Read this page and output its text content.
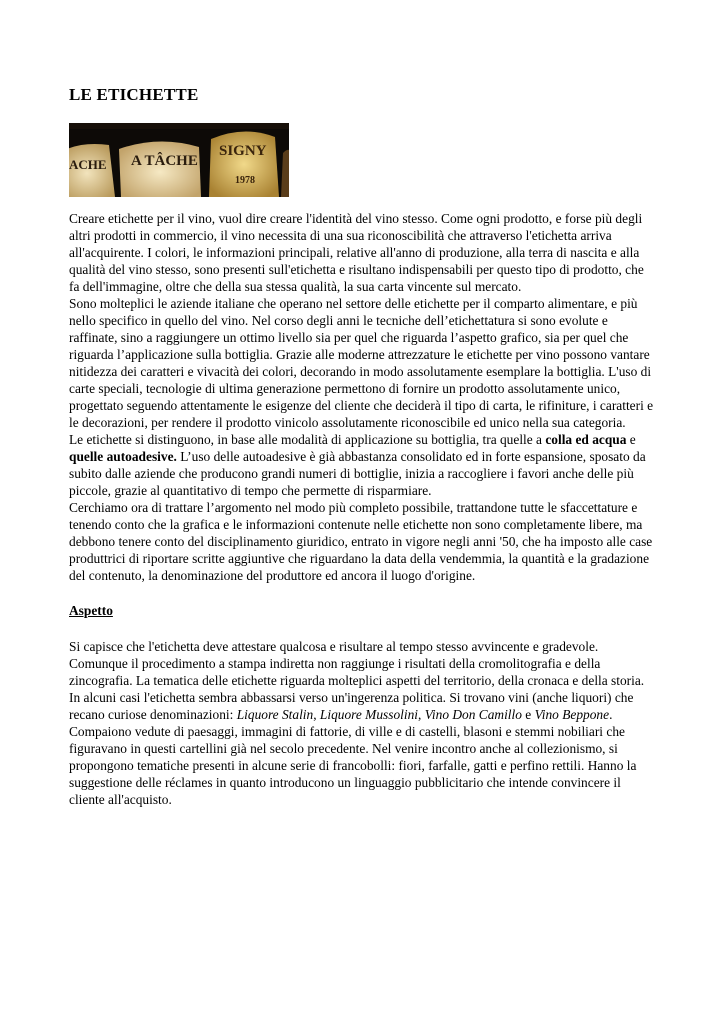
LE ETICHETTE
ACHE A TÂCHE
SIGNY
1978

Creare etichette per il vino, vuol dire creare l'identità del vino stesso. Come ogni prodotto, e forse più degli altri prodotti in commercio, il vino necessita di una sua riconoscibilità che attraverso l'etichetta arriva all'acquirente. I colori, le informazioni principali, relative all'anno di produzione, alla terra di nascita e alla qualità del vino stesso, sono presenti sull'etichetta e risultano indispensabili per questo tipo di prodotto, che fa dell'immagine, oltre che della sua stessa qualità, la sua carta vincente sul mercato.

Sono molteplici le aziende italiane che operano nel settore delle etichette per il comparto alimentare, e più nello specifico in quello del vino. Nel corso degli anni le tecniche dell’etichettatura si sono evolute e raffinate, sino a raggiungere un ottimo livello sia per quel che riguarda l’aspetto grafico, sia per quel che riguarda l’applicazione sulla bottiglia. Grazie alle moderne attrezzature le etichette per vino possono vantare nitidezza dei caratteri e vivacità dei colori, decorando in modo assolutamente esemplare la bottiglia. L'uso di carte speciali, tecnologie di ultima generazione permettono di fornire un prodotto assolutamente unico, progettato seguendo attentamente le esigenze del cliente che deciderà il tipo di carta, le rifiniture, i caratteri e le decorazioni, per rendere il prodotto vinicolo assolutamente riconoscibile ed unico nella sua categoria.

Le etichette si distinguono, in base alle modalità di applicazione su bottiglia, tra quelle a colla ed acqua e quelle autoadesive. L’uso delle autoadesive è già abbastanza consolidato ed in forte espansione, sposato da subito dalle aziende che producono grandi numeri di bottiglie, inizia a raccogliere i favori anche delle più piccole, grazie al quantitativo di tempo che permette di risparmiare.

Cerchiamo ora di trattare l’argomento nel modo più completo possibile, trattandone tutte le sfaccettature e tenendo conto che la grafica e le informazioni contenute nelle etichette non sono completamente libere, ma debbono tenere conto del disciplinamento giuridico, entrato in vigore negli anni '50, che ha imposto alle case produttrici di riportare scritte aggiuntive che riguardano la data della vendemmia, la quantità e la gradazione del contenuto, la denominazione del produttore ed ancora il luogo d'origine.

Aspetto

Si capisce che l'etichetta deve attestare qualcosa e risultare al tempo stesso avvincente e gradevole. Comunque il procedimento a stampa indiretta non raggiunge i risultati della cromolitografia e della zincografia. La tematica delle etichette riguarda molteplici aspetti del territorio, della cronaca e della storia. In alcuni casi l'etichetta sembra abbassarsi verso un'ingerenza politica. Si trovano vini (anche liquori) che recano curiose denominazioni: Liquore Stalin, Liquore Mussolini, Vino Don Camillo e Vino Beppone. Compaiono vedute di paesaggi, immagini di fattorie, di ville e di castelli, blasoni e stemmi nobiliari che figuravano in questi cartellini già nel secolo precedente. Nel venire incontro anche al collezionismo, si propongono tematiche presenti in alcune serie di francobolli: fiori, farfalle, gatti e perfino rettili. Hanno la suggestione delle réclames in quanto introducono un linguaggio pubblicitario che intende convincere il cliente all'acquisto.
